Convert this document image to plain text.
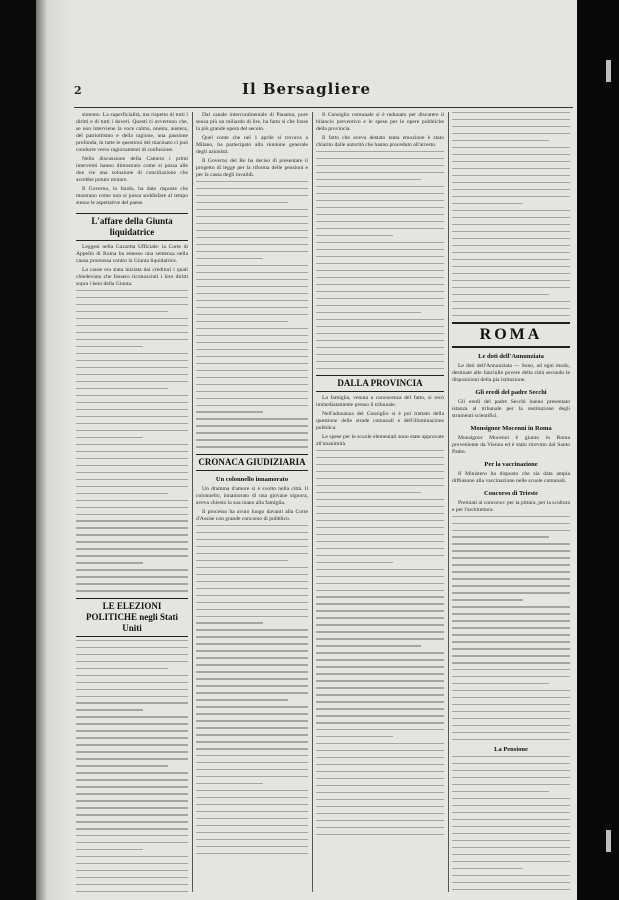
2	Il Bersagliere

simento. La superficialità, ma rispetto di tutti i diritti e di tutti i doveri. Questi ci avvertono che, se non interviene la voce calma, onesta, austera, del patriottismo e della ragione, una passione profonda, in tutte le questioni del macinato ci può condurre verso ragionamenti di confusione.

Nella discussione della Camera i primi interventi hanno dimostrato come si possa alle due vie una soluzione di conciliazione che avrebbe potuto mutare.

Il Governo, in fondo, ha dato risposte che mostrano come non si possa soddisfare al tempo stesso le aspettative del paese.

L'affare della Giunta liquidatrice

Leggesi nella Gazzetta Ufficiale: la Corte di Appello di Roma ha emesso una sentenza nella causa promossa contro la Giunta liquidatrice.

La cause era stata iniziata dai creditori i quali chiedevano che fossero riconosciuti i loro diritti sopra i beni della Giunta.

LE ELEZIONI POLITICHE negli Stati Uniti

Dal canale intercontinentale di Panama, pure senza più un miliardo di lire, ha fatto sì che fosse la più grande opera del secolo.

Quel conte che nel 1 aprile si trovava a Milano, ha partecipato alla riunione generale degli azionisti.

Il Governo del Re ha deciso di presentare il progetto di legge per la riforma delle pensioni e per la cassa degli invalidi.

CRONACA GIUDIZIARIA
Un colonnello innamorato

Un dramma d'amore si è svolto nella città. Il colonnello, innamorato di una giovane signora, aveva chiesto la sua mano alla famiglia.

Il processo ha avuto luogo davanti alla Corte d'Assise con grande concorso di pubblico.

Il Consiglio comunale si è radunato per discutere il bilancio preventivo e le spese per le opere pubbliche della provincia.

Il fatto che aveva destato tanta emozione è stato chiarito dalle autorità che hanno proceduto all'arresto.

DALLA PROVINCIA

La famiglia, venuta a conoscenza del fatto, si recò immediatamente presso il tribunale.

Nell'adunanza del Consiglio si è poi trattato della questione delle strade comunali e dell'illuminazione pubblica.

Le spese per le scuole elementari sono state approvate all'unanimità.

ROMA
Le doti dell'Annunziata

Le doti dell'Annunziata — Sono, ad ogni modo, destinate alle fanciulle povere della città secondo le disposizioni della pia istituzione.

Gli eredi del padre Secchi

Gli eredi del padre Secchi hanno presentato istanza al tribunale per la restituzione degli strumenti scientifici.

Monsignor Mocenni in Roma

Monsignor Mocenni è giunto in Roma proveniente da Vienna ed è stato ricevuto dal Santo Padre.

Per la vaccinazione

Il Ministero ha disposto che sia data ampia diffusione alla vaccinazione nelle scuole comunali.

Concorso di Trieste

Premiati al concorso: per la pittura, per la scultura e per l'architettura.

La Pensione
